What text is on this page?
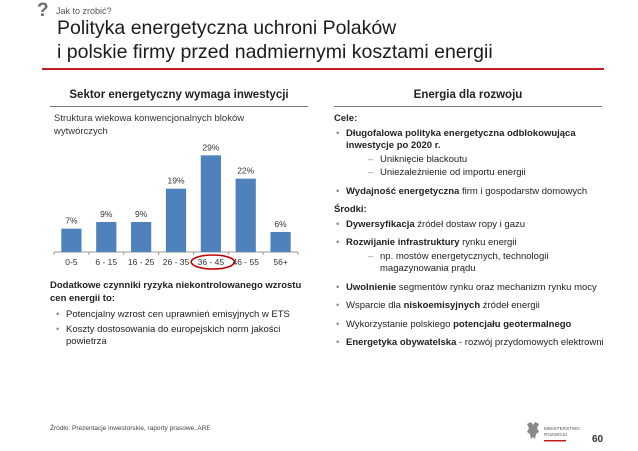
? Jak to zrobić?
Polityka energetyczna uchroni Polaków
i polskie firmy przed nadmiernymi kosztami energii
Sektor energetyczny wymaga inwestycji	Energia dla rozwoju
Struktura wiekowa konwencjonalnych bloków wytwórczych
7%
0-5
9%
6 - 15
9%
16 - 25
19%
26 - 35
29%
36 - 45
22%
46 - 55
6%
56+
Dodatkowe czynniki ryzyka niekontrolowanego wzrostu cen energii to:
• Potencjalny wzrost cen uprawnień emisyjnych w ETS
• Koszty dostosowania do europejskich norm jakości powietrza
Cele:
• Długofalowa polityka energetyczna odblokowująca inwestycje po 2020 r.
– Uniknięcie blackoutu
– Uniezależnienie od importu energii
• Wydajność energetyczna firm i gospodarstw domowych
Środki:
• Dywersyfikacja źródeł dostaw ropy i gazu
• Rozwijanie infrastruktury rynku energii
– np. mostów energetycznych, technologii magazynowania prądu
• Uwolnienie segmentów rynku oraz mechanizm rynku mocy
• Wsparcie dla niskoemisyjnych źródeł energii
• Wykorzystanie polskiego potencjału geotermalnego
• Energetyka obywatelska - rozwój przydomowych elektrowni
Źródło: Prezentacje inwestorskie, raporty prasowe, ARE	MINISTERSTWO
ROZWOJU 60
